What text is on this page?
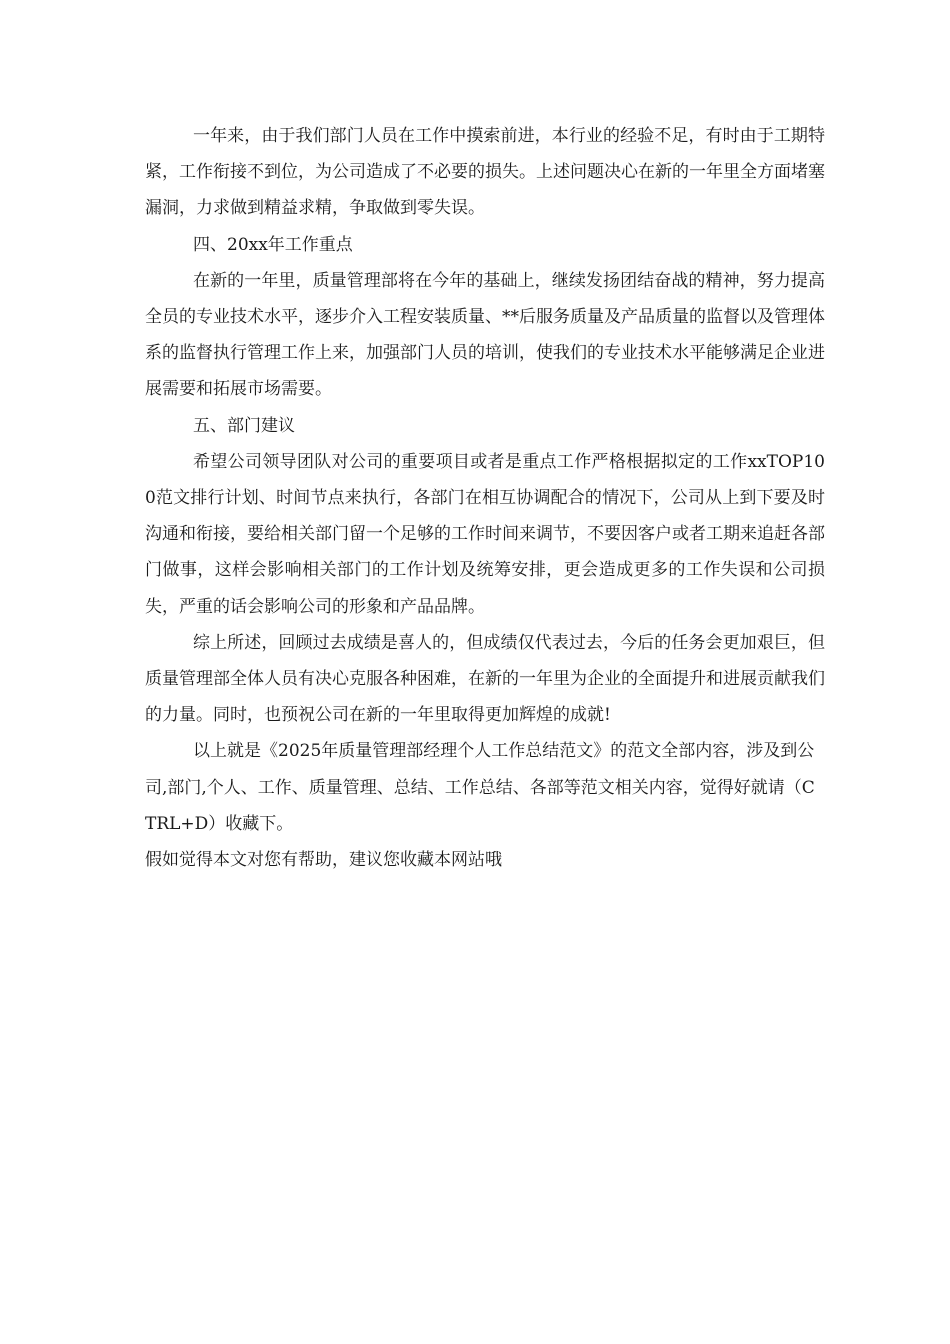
一年来，由于我们部门人员在工作中摸索前进，本行业的经验不足，有时由于工期特紧，工作衔接不到位，为公司造成了不必要的损失。上述问题决心在新的一年里全方面堵塞漏洞，力求做到精益求精，争取做到零失误。

四、20xx年工作重点

在新的一年里，质量管理部将在今年的基础上，继续发扬团结奋战的精神，努力提高全员的专业技术水平，逐步介入工程安装质量、**后服务质量及产品质量的监督以及管理体系的监督执行管理工作上来，加强部门人员的培训，使我们的专业技术水平能够满足企业进展需要和拓展市场需要。

五、部门建议

希望公司领导团队对公司的重要项目或者是重点工作严格根据拟定的工作xxTOP100范文排行计划、时间节点来执行，各部门在相互协调配合的情况下，公司从上到下要及时沟通和衔接，要给相关部门留一个足够的工作时间来调节，不要因客户或者工期来追赶各部门做事，这样会影响相关部门的工作计划及统筹安排，更会造成更多的工作失误和公司损失，严重的话会影响公司的形象和产品品牌。

综上所述，回顾过去成绩是喜人的，但成绩仅代表过去，今后的任务会更加艰巨，但质量管理部全体人员有决心克服各种困难，在新的一年里为企业的全面提升和进展贡献我们的力量。同时，也预祝公司在新的一年里取得更加辉煌的成就!

以上就是《2025年质量管理部经理个人工作总结范文》的范文全部内容，涉及到公司,部门,个人、工作、质量管理、总结、工作总结、各部等范文相关内容，觉得好就请（CTRL+D）收藏下。

假如觉得本文对您有帮助，建议您收藏本网站哦
